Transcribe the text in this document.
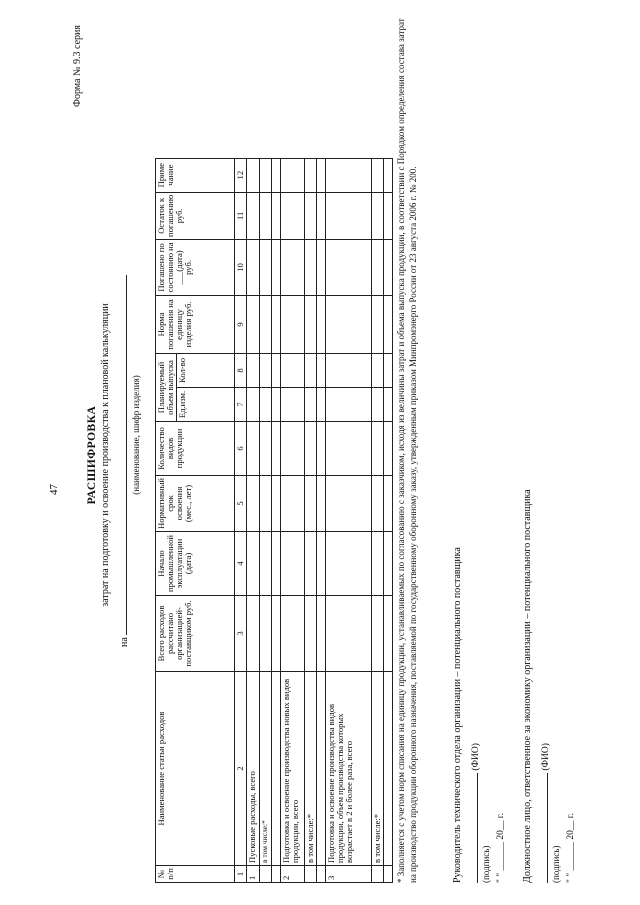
47
Форма № 9.3 серия
РАСШИФРОВКА затрат на подготовку и освоение производства к плановой калькуляции
на
(наименование, шифр изделия)
№ п/п	Наименование статьи расходов	Всего расходов рассчитано организацией-поставщиком руб.	Начало промышленной эксплуатации (дата)	Нормативный срок освоения (мес., лет)	Количество видов продукции	Планируемый объем выпуска		Норма погашения на единицу изделия руб.	Погашено по состоянию на ___(дата) руб.	Остаток к погашению руб.	Приме чание
						Ед.изм.	Кол-во				
1	2	3	4	5	6	7	8	9	10	11	12
1	Пусковые расходы, всего										
	в том числе:*										

2	Подготовка и освоение производства новых видов продукции, всего										
	в том числе:*										

3	Подготовка и освоение производства видов продукции, объем производства которых возрастает в 2 и более раза, всего										
	в том числе:*										
											* Заполняется с учетом норм списания на единицу продукции, устанавливаемых по согласованию с заказчиком, исходя из величины затрат и объема выпуска продукции, в соответствии с Порядком определения состава затрат на производство продукции оборонного назначения, поставляемой по государственному оборонному заказу, утвержденным приказом Минпромэнерго России от 23 августа 2006 г. № 200.	Руководитель технического отдела организации – потенциального поставщика (ФИО)
(подпись) " " ______ 20__ г. Должностное лицо, ответственное за экономику организации – потенциального поставщика (ФИО)
(подпись) " " ______ 20__ г.
